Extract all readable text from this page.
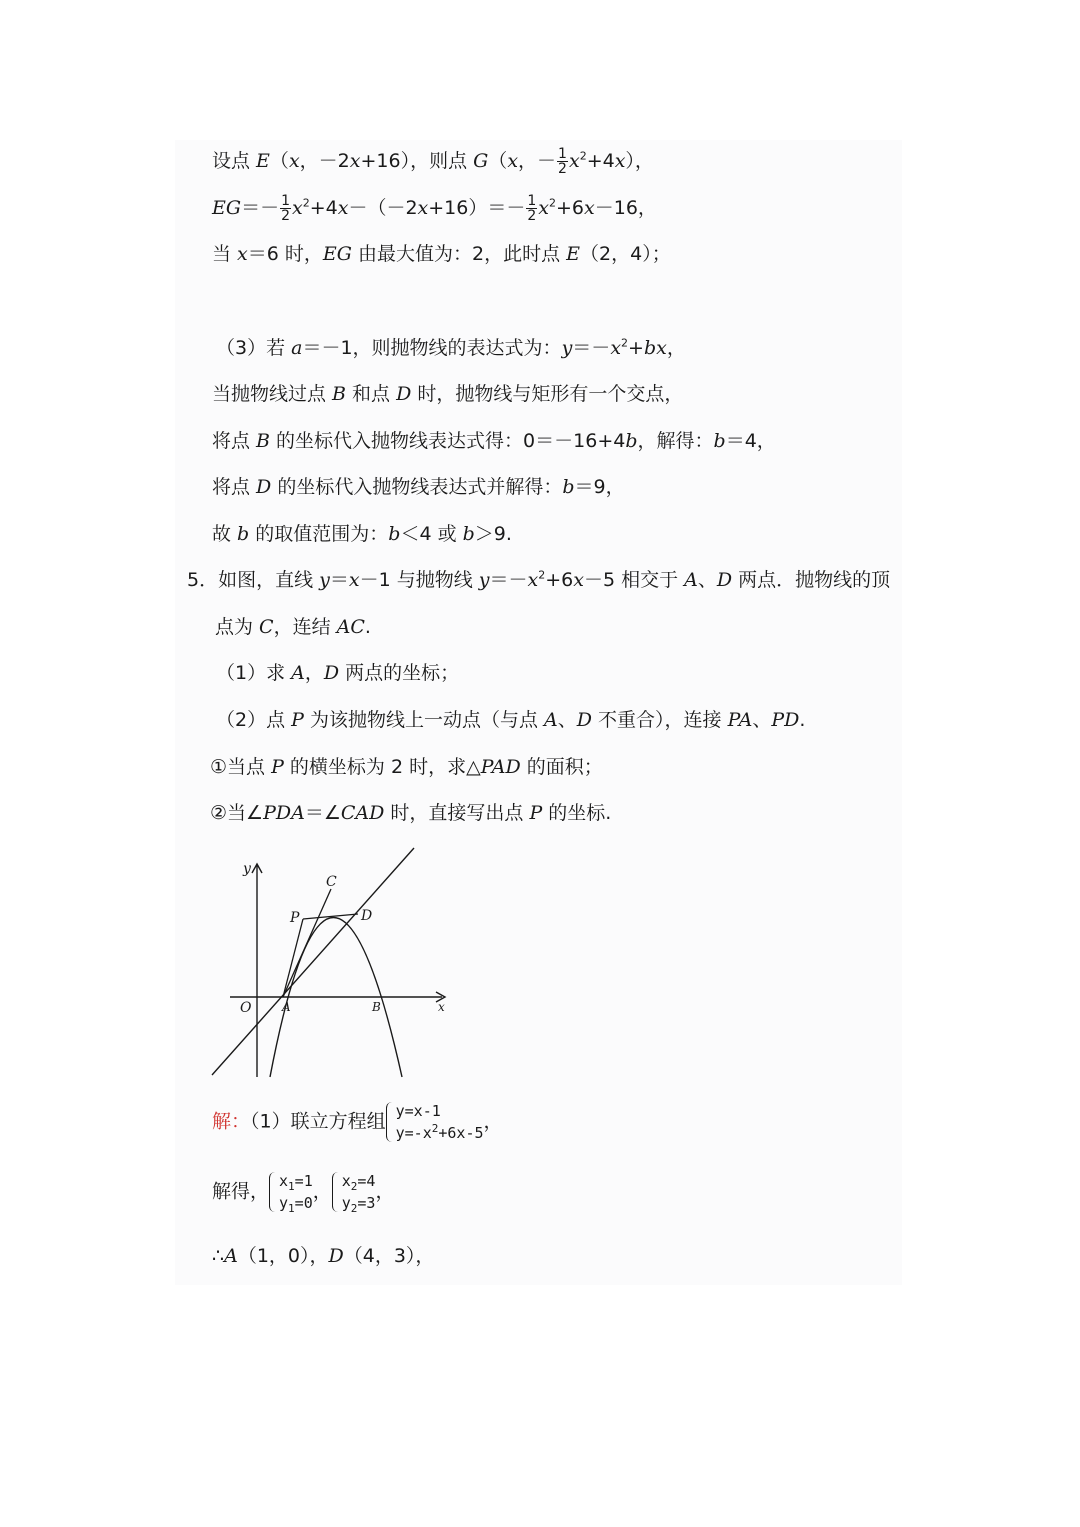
设点 E（x，－2x+16），则点 G（x，－ $\frac{1}{2} x^2+4x$），
$EG=- \frac{1}{2} x^2+4x-(-2x+16)=- \frac{1}{2} x^2+6x-16$，
当 x＝6 时，EG 由最大值为：2，此时点 E（2，4）；
（3）若 a＝－1，则抛物线的表达式为：$y=-x^2+bx$，
当抛物线过点 B 和点 D 时，抛物线与矩形有一个交点，
将点 B 的坐标代入抛物线表达式得：0＝－16+4b，解得：b＝4，
将点 D 的坐标代入抛物线表达式并解得：b＝9，
故 b 的取值范围为：b＜4 或 b＞9.
5．如图，直线 y＝x－1 与抛物线 $y=-x^2+6x-5$ 相交于 A、D 两点．抛物线的顶
点为 C，连结 AC.
（1）求 A，D 两点的坐标；
（2）点 P 为该抛物线上一动点（与点 A、D 不重合），连接 PA、PD.
①当点 P 的横坐标为 2 时，求△PAD 的面积；
②当∠PDA＝∠CAD 时，直接写出点 P 的坐标.
y
C
P	D
O	A	B	x
解：（1）联立方程组 y=x-1
$y=-x^2+6x-5$
，
解得， $x_1=1$
$y_1=0$
， $x_2=4$
$y_2=3$
，
∴A（1，0），D（4，3），
